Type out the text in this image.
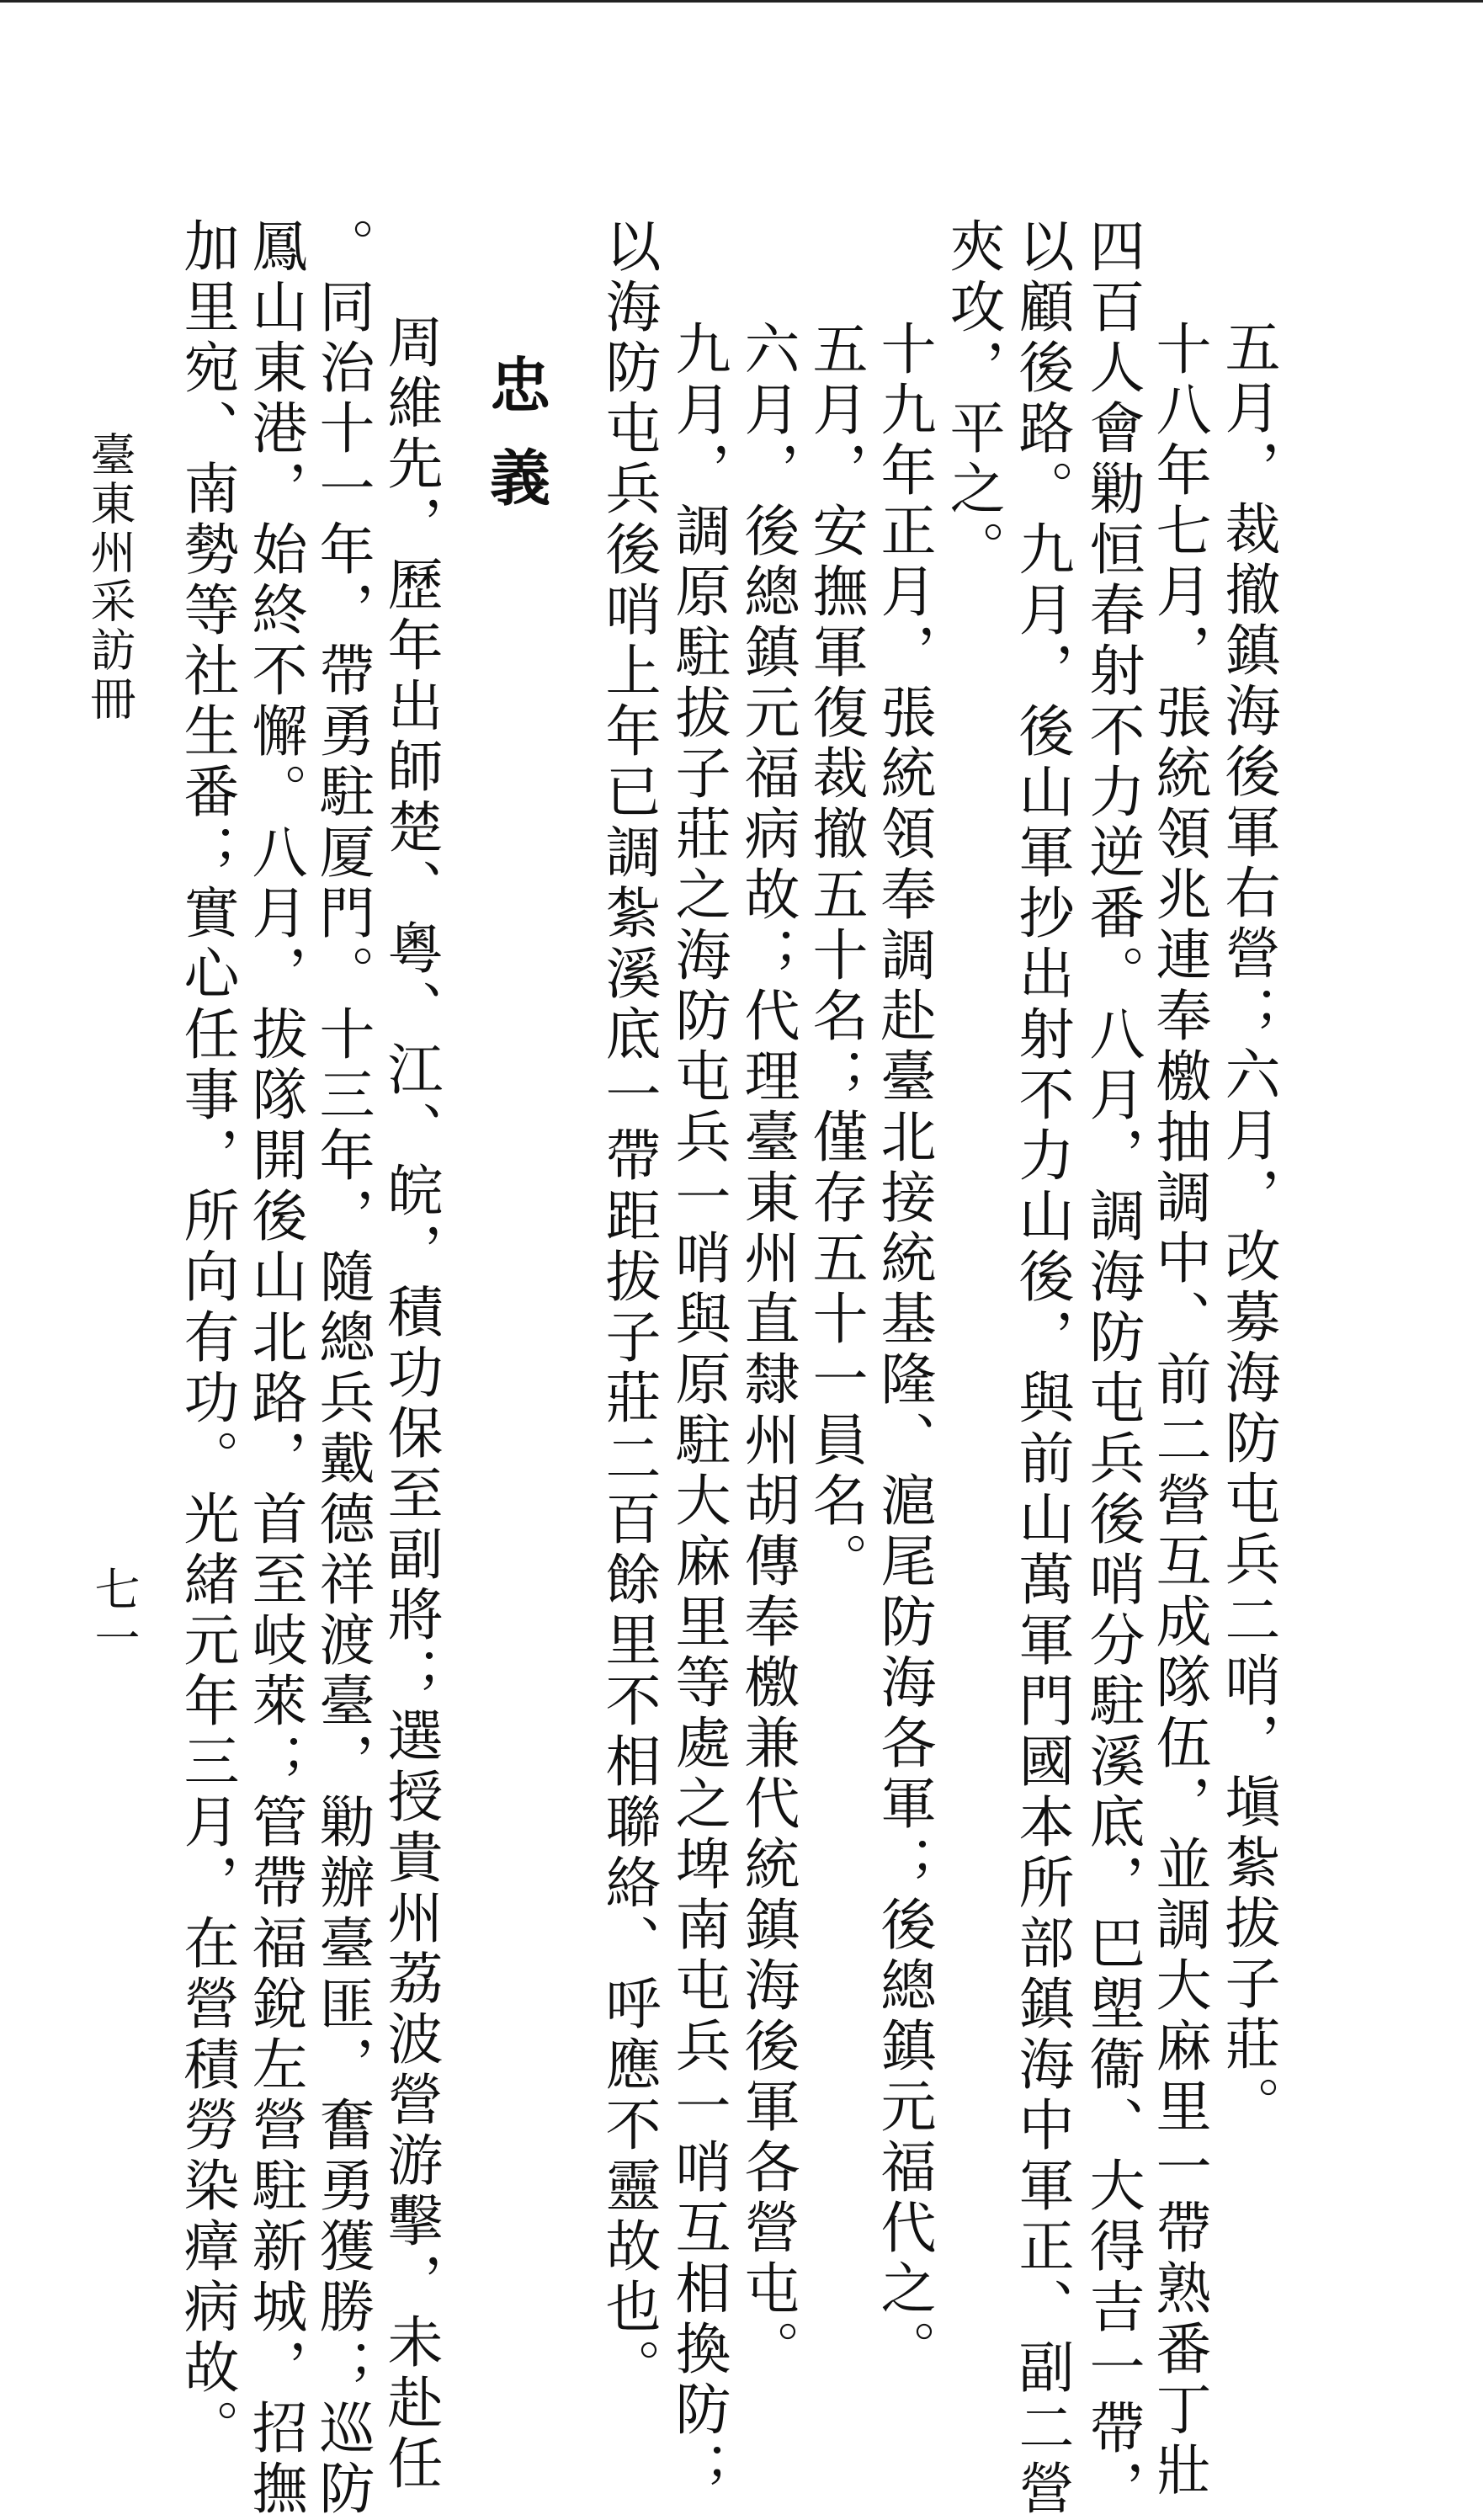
五月，裁撤鎮海後軍右營；六月，改募海防屯兵二哨，塡紮拔子莊。
十八年七月，張統領兆連奉檄抽調中、前二營互成隊伍，並調大麻里一帶熟番丁壯
四百人會勦恒春射不力逆番。八月，調海防屯兵後哨分駐溪底，巴塱衞、大得吉一帶，
以顧後路。九月，後山軍抄出射不力山後，與前山萬軍門國本所部鎮海中軍正、副二營
夾攻，平之。
十九年正月，張統領奉調赴臺北接統基隆、滬尾防海各軍；後總鎮元福代之。
五月，安撫軍復裁撤五十名；僅存五十一員名。
六月，後總鎮元福病故；代理臺東州直隸州胡傳奉檄兼代統鎮海後軍各營屯。
九月，調原駐拔子莊之海防屯兵一哨與原駐大麻里等處之埤南屯兵一哨互相換防；
以海防屯兵後哨上年已調紮溪底一帶距拔子莊二百餘里不相聯絡、呼應不靈故也。
忠義
周維先，歷年出師楚、粵、江、皖，積功保至副將；選授貴州荔波營游擊，未赴任
。同治十一年，帶勇駐厦門。十三年，隨總兵戴德祥渡臺，勦辦臺匪，奮勇獲勝；巡防
鳳山東港，始終不懈。八月，拔隊開後山北路，首至岐萊；管帶福銳左營駐新城，招撫
加里宛、南勢等社生番；實心任事，所向有功。光緒元年三月，在營積勞染瘴病故。
臺東州采訪冊
七一
